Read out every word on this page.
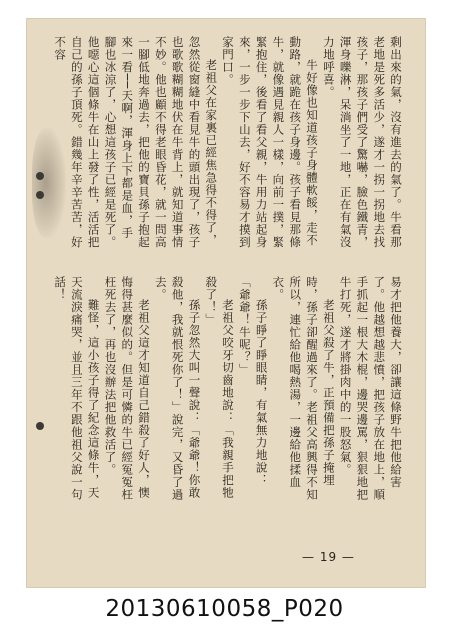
剩出來的氣，沒有進去的氣了。牛看那老地是死多活少，遂才一拐一拐地去找孩子，那孩子們受了驚嚇，臉色鐵青，渾身嚛淋，呆淌坐了一地，正在有氣沒力地呼喜。

牛好像也知道孩子身體軟餒，走不動路，就跪在孩子身邊。孩子看見那條牛，就像遇見親人一樣，向前一撲，緊緊抱住，後看了看父親，牛用力站起身來，一步一步下山去，好不容易才摸到家門口。

老祖父在家裏已經焦急得不得了，忽然從窗縫中看見牛的頭出現了，孩子也歌歌糊糊地伏在牛背上，就知道事情不妙。他也顧不得老眼昏花，就一問高一腳低地奔過去，把他的寶貝孫子抱起來一看──天啊，渾身上下都是血，手腳也冰涼了，心想這孩子已經是死了。他噁心這個條牛在山上發了性，活活把自己的孫子頂死。錯幾年辛辛苦苦，好不容

易才把他養大，卻讓這條野牛把他給害了。他越想越悲憤，把孩子放在地上，順手抓起一根大木棍，邊哭邊罵，狠狠地把牛打死，遂才將掛肉中的一股怒氣。

老祖父殺了牛，正預備把孫子掩埋時，孫子卻醒過來了。老祖父高興得不知所以，連忙給他喝熱湯，一邊給他揉血衣。

孫子睜了睜眼睛，有氣無力地說：「爺爺！牛呢？」

老祖父咬牙切齒地說：「我親手把牠殺了！」

孫子忽然大叫一聲說：「爺爺！你敢殺他，我就恨死你了！」說完，又昏了過去。

老祖父這才知道自己錯殺了好人，懊悔得甚麼似的。但是可憐的牛已經冤冤枉枉死去了，再也沒辦法把他救活了。

難怪，這小孩子得了紀念這條牛，天天流淚痛哭，並且三年不跟他祖父說一句話！

— 19 —
20130610058_P020
